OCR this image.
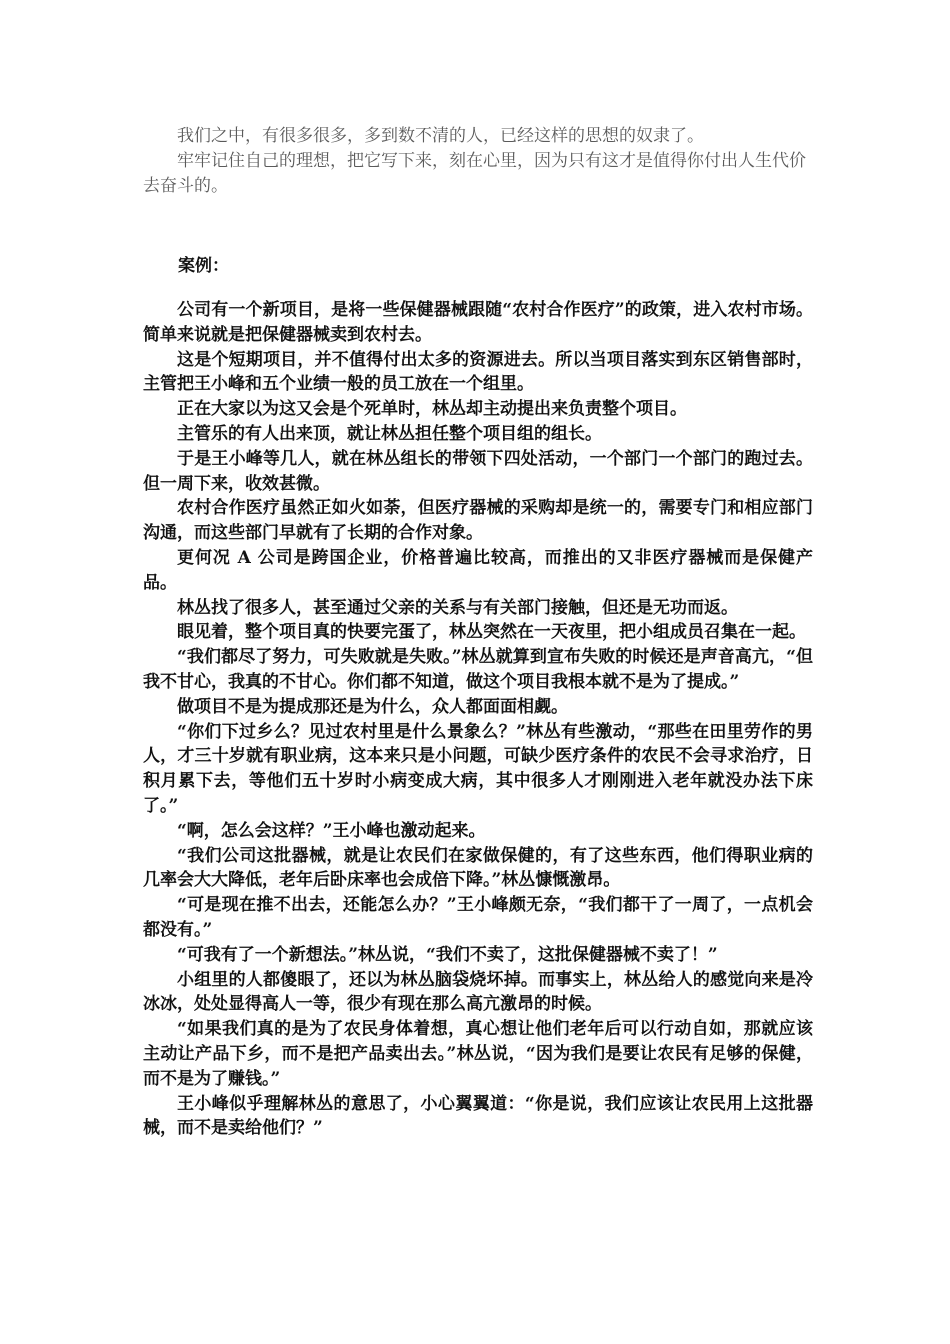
我们之中，有很多很多，多到数不清的人，已经这样的思想的奴隶了。

牢牢记住自己的理想，把它写下来，刻在心里，因为只有这才是值得你付出人生代价去奋斗的。

案例：

公司有一个新项目，是将一些保健器械跟随“农村合作医疗”的政策，进入农村市场。简单来说就是把保健器械卖到农村去。

这是个短期项目，并不值得付出太多的资源进去。所以当项目落实到东区销售部时，主管把王小峰和五个业绩一般的员工放在一个组里。

正在大家以为这又会是个死单时，林丛却主动提出来负责整个项目。

主管乐的有人出来顶，就让林丛担任整个项目组的组长。

于是王小峰等几人，就在林丛组长的带领下四处活动，一个部门一个部门的跑过去。但一周下来，收效甚微。

农村合作医疗虽然正如火如荼，但医疗器械的采购却是统一的，需要专门和相应部门沟通，而这些部门早就有了长期的合作对象。

更何况 A 公司是跨国企业，价格普遍比较高，而推出的又非医疗器械而是保健产品。

林丛找了很多人，甚至通过父亲的关系与有关部门接触，但还是无功而返。

眼见着，整个项目真的快要完蛋了，林丛突然在一天夜里，把小组成员召集在一起。

“我们都尽了努力，可失败就是失败。”林丛就算到宣布失败的时候还是声音高亢，“但我不甘心，我真的不甘心。你们都不知道，做这个项目我根本就不是为了提成。”

做项目不是为提成那还是为什么，众人都面面相觑。

“你们下过乡么？见过农村里是什么景象么？”林丛有些激动，“那些在田里劳作的男人，才三十岁就有职业病，这本来只是小问题，可缺少医疗条件的农民不会寻求治疗，日积月累下去，等他们五十岁时小病变成大病，其中很多人才刚刚进入老年就没办法下床了。”

“啊，怎么会这样？”王小峰也激动起来。

“我们公司这批器械，就是让农民们在家做保健的，有了这些东西，他们得职业病的几率会大大降低，老年后卧床率也会成倍下降。”林丛慷慨激昂。

“可是现在推不出去，还能怎么办？”王小峰颇无奈，“我们都干了一周了，一点机会都没有。”

“可我有了一个新想法。”林丛说，“我们不卖了，这批保健器械不卖了！”

小组里的人都傻眼了，还以为林丛脑袋烧坏掉。而事实上，林丛给人的感觉向来是冷冰冰，处处显得高人一等，很少有现在那么高亢激昂的时候。

“如果我们真的是为了农民身体着想，真心想让他们老年后可以行动自如，那就应该主动让产品下乡，而不是把产品卖出去。”林丛说，“因为我们是要让农民有足够的保健，而不是为了赚钱。”

王小峰似乎理解林丛的意思了，小心翼翼道：“你是说，我们应该让农民用上这批器械，而不是卖给他们？”
